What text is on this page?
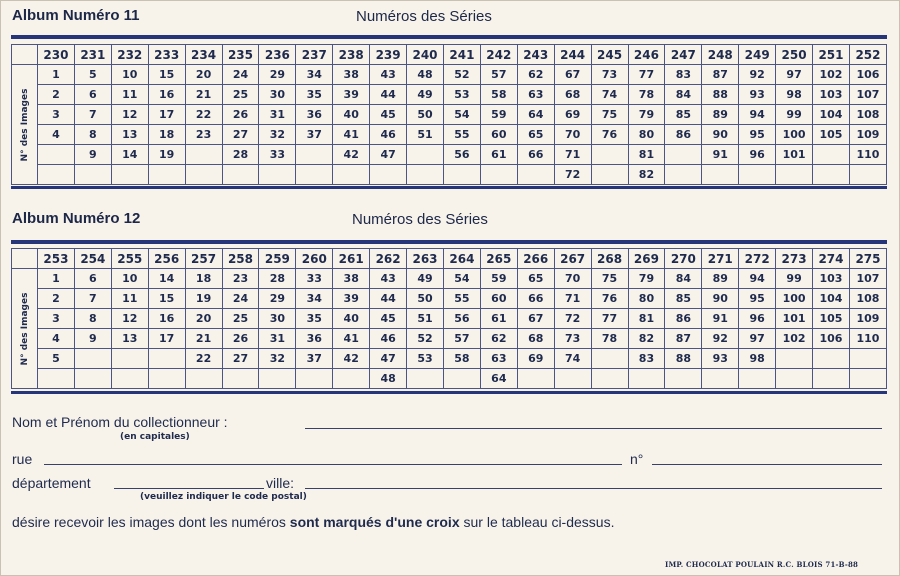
Album Numéro 11	Numéros des Séries
	230	231	232	233	234	235	236	237	238	239	240	241	242	243	244	245	246	247	248	249	250	251	252

N° des Images	1	5	10	15	20	24	29	34	38	43	48	52	57	62	67	73	77	83	87	92	97	102	106
	2	6	11	16	21	25	30	35	39	44	49	53	58	63	68	74	78	84	88	93	98	103	107
	3	7	12	17	22	26	31	36	40	45	50	54	59	64	69	75	79	85	89	94	99	104	108
	4	8	13	18	23	27	32	37	41	46	51	55	60	65	70	76	80	86	90	95	100	105	109
		9	14	19		28	33		42	47		56	61	66	71		81		91	96	101		110
															72		82						
Album Numéro 12	Numéros des Séries
	253	254	255	256	257	258	259	260	261	262	263	264	265	266	267	268	269	270	271	272	273	274	275

N° des Images	1	6	10	14	18	23	28	33	38	43	49	54	59	65	70	75	79	84	89	94	99	103	107
	2	7	11	15	19	24	29	34	39	44	50	55	60	66	71	76	80	85	90	95	100	104	108
	3	8	12	16	20	25	30	35	40	45	51	56	61	67	72	77	81	86	91	96	101	105	109
	4	9	13	17	21	26	31	36	41	46	52	57	62	68	73	78	82	87	92	97	102	106	110
	5				22	27	32	37	42	47	53	58	63	69	74		83	88	93	98			
										48			64										
Nom et Prénom du collectionneur :
(en capitales)
rue	n°
département	ville:
(veuillez indiquer le code postal)
désire recevoir les images dont les numéros sont marqués d'une croix sur le tableau ci-dessus.
IMP. CHOCOLAT POULAIN R.C. BLOIS 71-B-88
